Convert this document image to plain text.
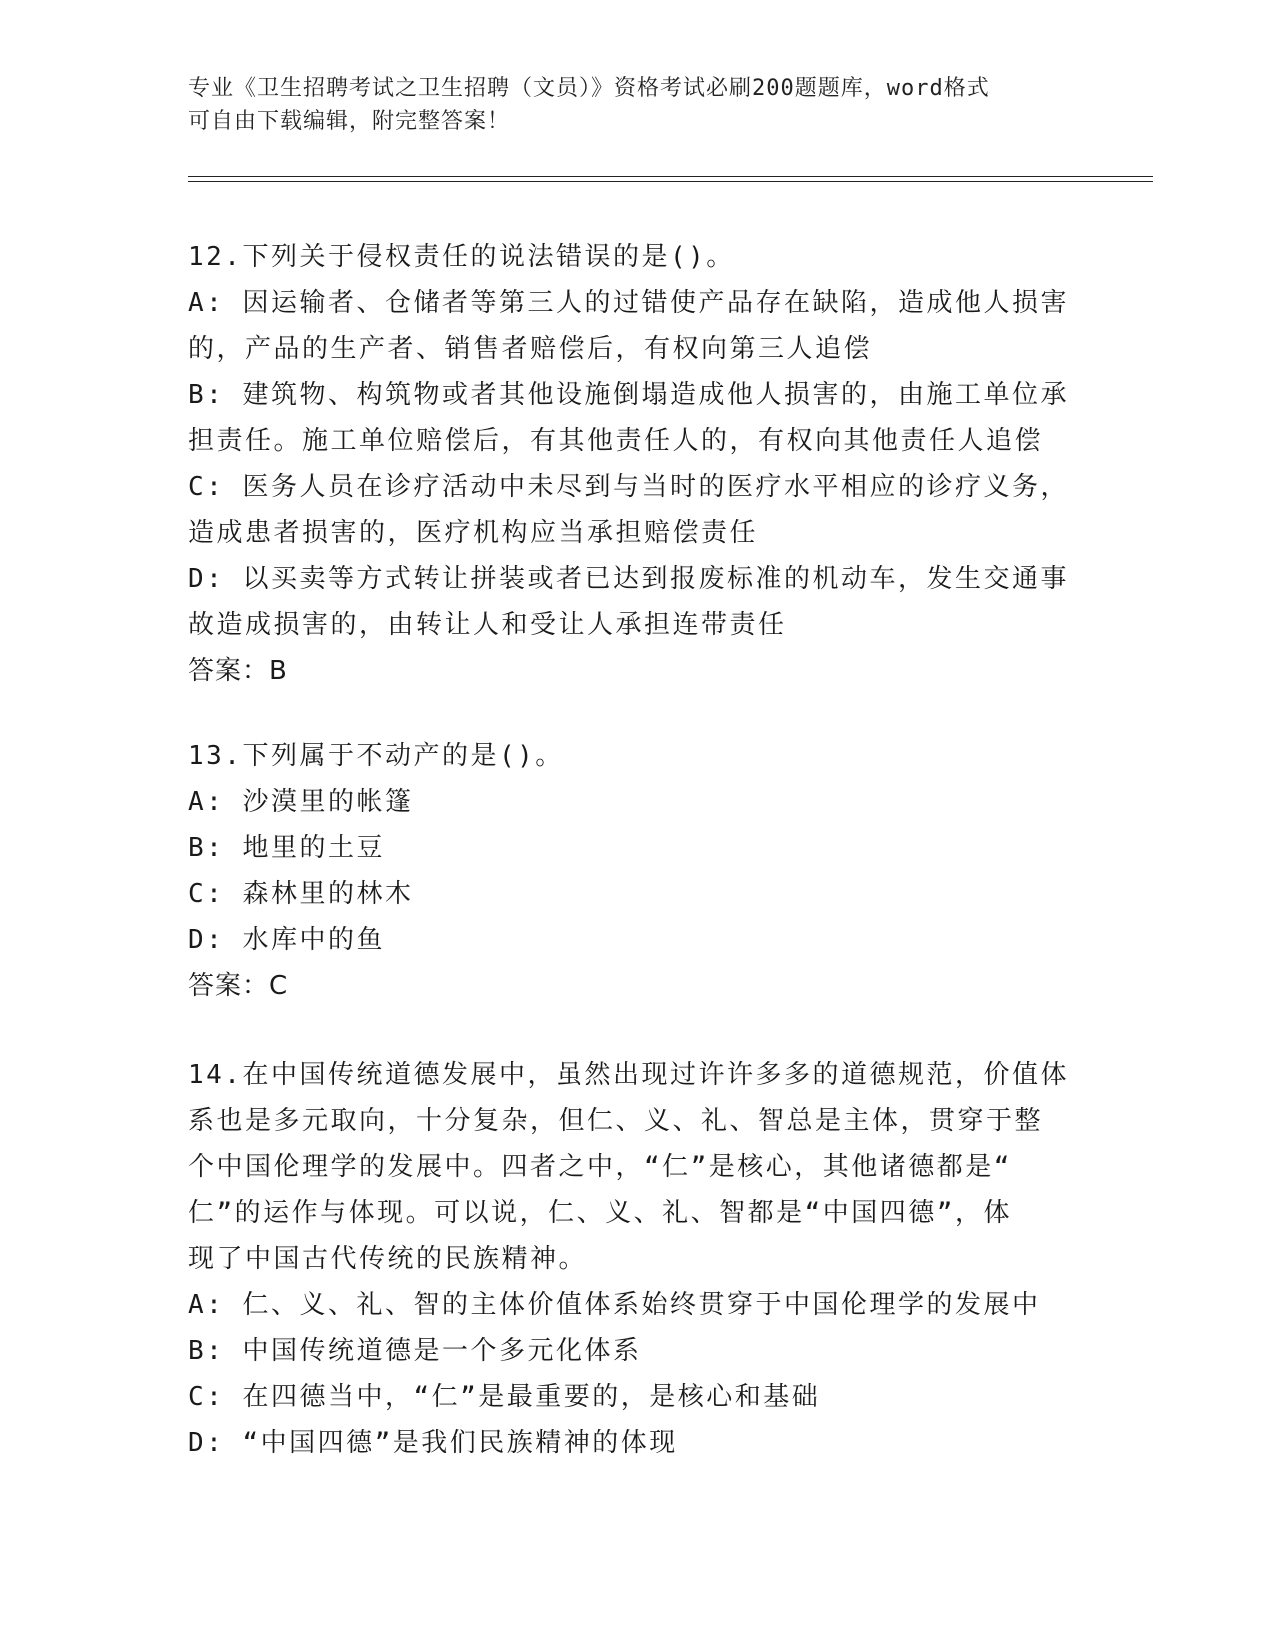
专业《卫生招聘考试之卫生招聘（文员）》资格考试必刷200题题库，word格式
可自由下载编辑，附完整答案！
12.下列关于侵权责任的说法错误的是()。
A: 因运输者、仓储者等第三人的过错使产品存在缺陷，造成他人损害
的，产品的生产者、销售者赔偿后，有权向第三人追偿
B: 建筑物、构筑物或者其他设施倒塌造成他人损害的，由施工单位承
担责任。施工单位赔偿后，有其他责任人的，有权向其他责任人追偿
C: 医务人员在诊疗活动中未尽到与当时的医疗水平相应的诊疗义务，
造成患者损害的，医疗机构应当承担赔偿责任
D: 以买卖等方式转让拼装或者已达到报废标准的机动车，发生交通事
故造成损害的，由转让人和受让人承担连带责任
答案：B
13.下列属于不动产的是()。
A: 沙漠里的帐篷
B: 地里的土豆
C: 森林里的林木
D: 水库中的鱼
答案：C
14.在中国传统道德发展中，虽然出现过许许多多的道德规范，价值体
系也是多元取向，十分复杂，但仁、义、礼、智总是主体，贯穿于整
个中国伦理学的发展中。四者之中，“仁”是核心，其他诸德都是“
仁”的运作与体现。可以说，仁、义、礼、智都是“中国四德”，体
现了中国古代传统的民族精神。
A: 仁、义、礼、智的主体价值体系始终贯穿于中国伦理学的发展中
B: 中国传统道德是一个多元化体系
C: 在四德当中，“仁”是最重要的，是核心和基础
D: “中国四德”是我们民族精神的体现
